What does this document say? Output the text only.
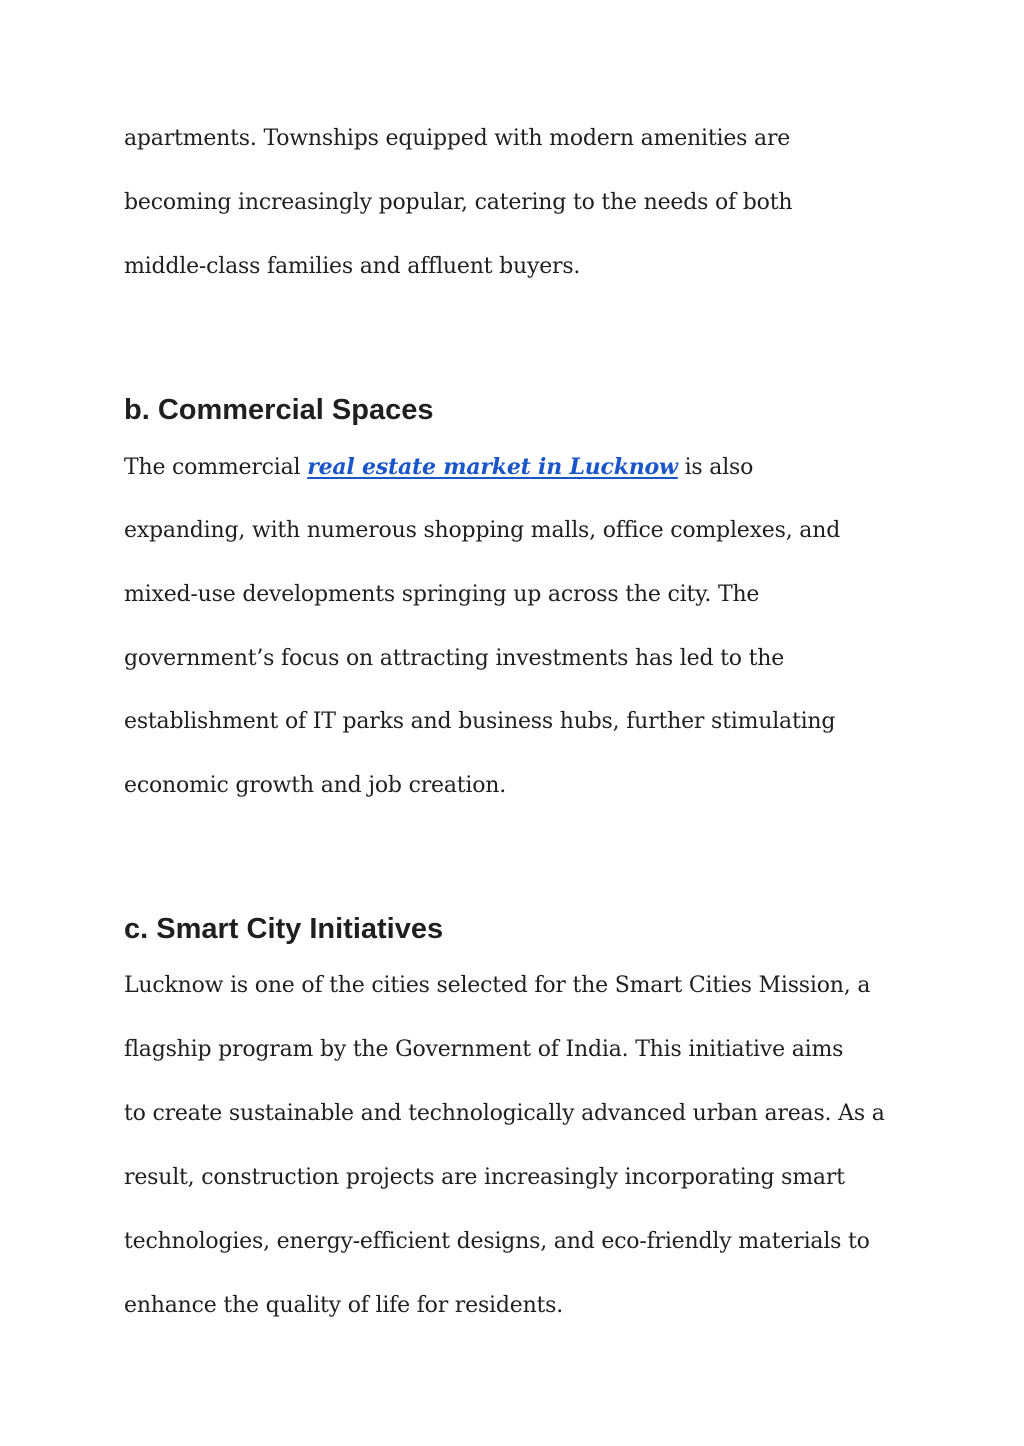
apartments. Townships equipped with modern amenities are
becoming increasingly popular, catering to the needs of both
middle-class families and affluent buyers.
b. Commercial Spaces
The commercial real estate market in Lucknow is also
expanding, with numerous shopping malls, office complexes, and
mixed-use developments springing up across the city. The
government’s focus on attracting investments has led to the
establishment of IT parks and business hubs, further stimulating
economic growth and job creation.
c. Smart City Initiatives
Lucknow is one of the cities selected for the Smart Cities Mission, a
flagship program by the Government of India. This initiative aims
to create sustainable and technologically advanced urban areas. As a
result, construction projects are increasingly incorporating smart
technologies, energy-efficient designs, and eco-friendly materials to
enhance the quality of life for residents.
